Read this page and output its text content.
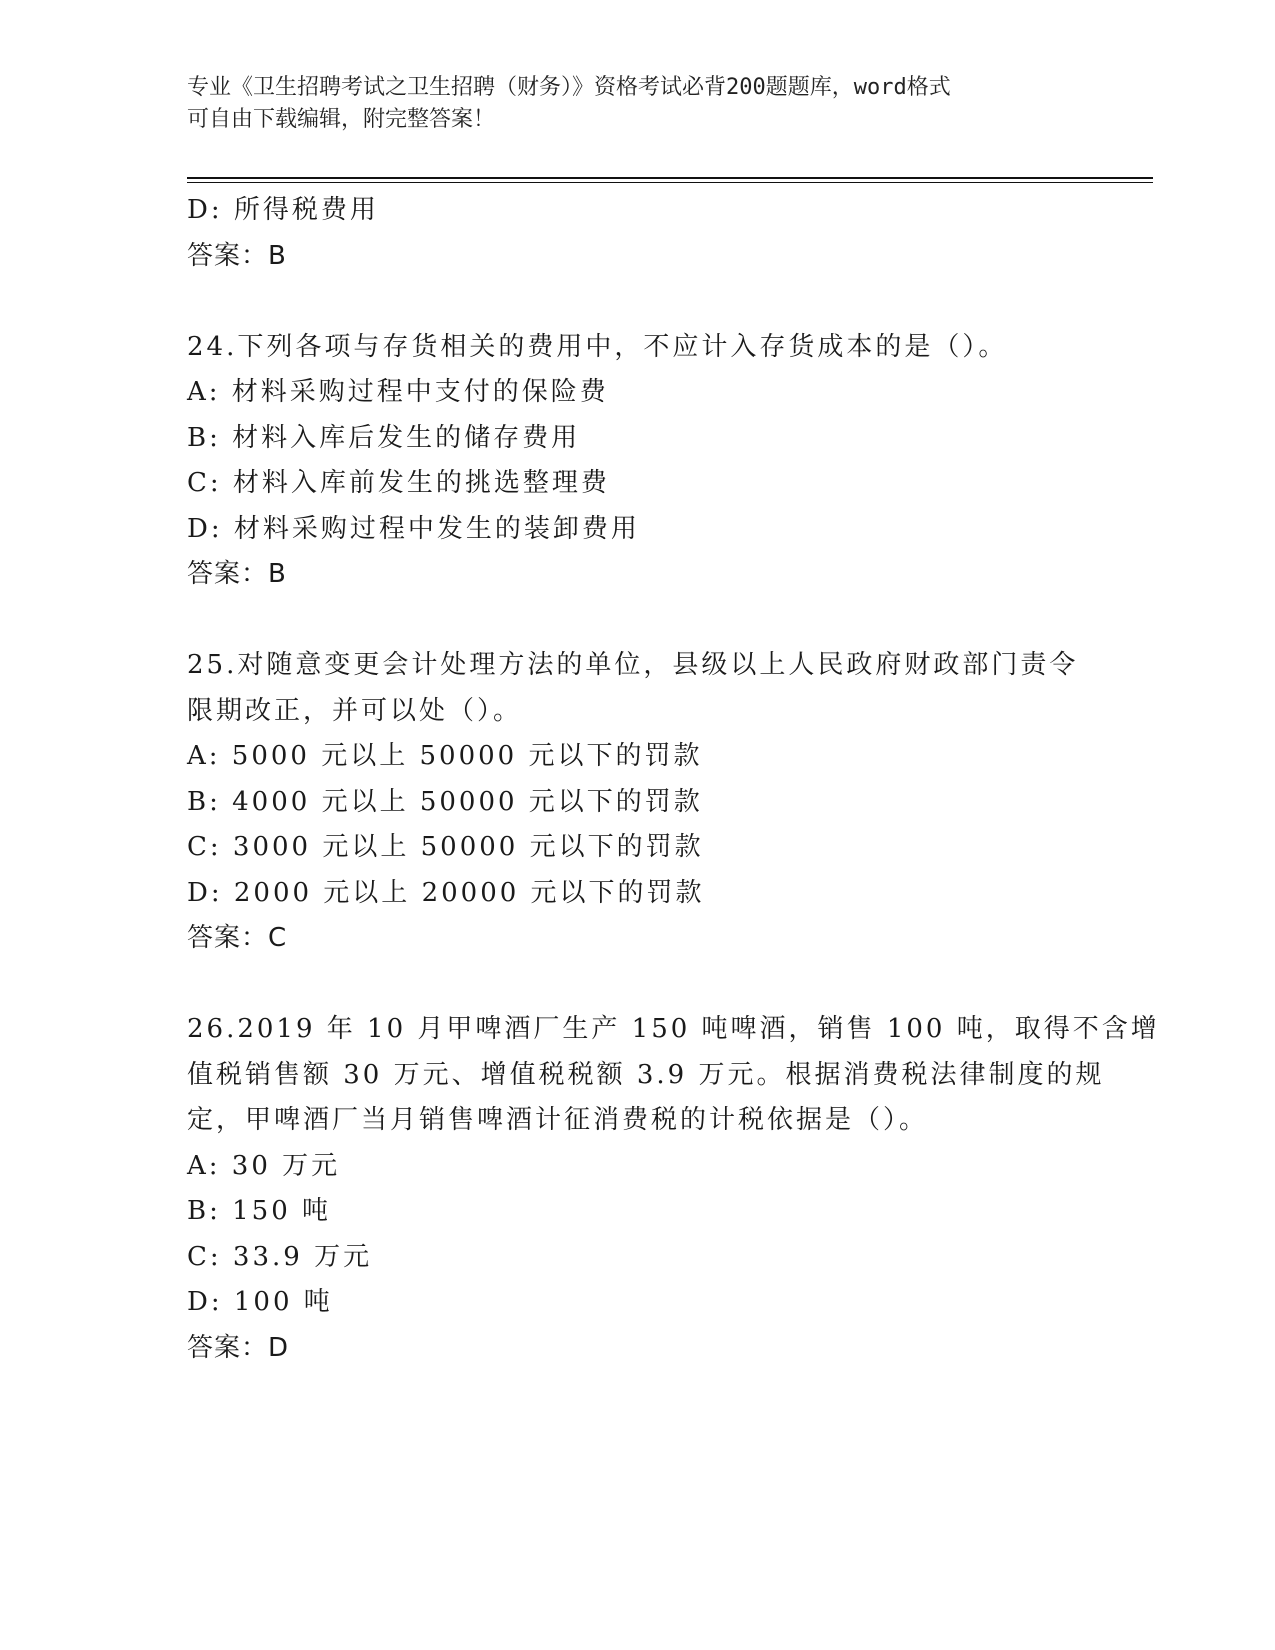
专业《卫生招聘考试之卫生招聘（财务）》资格考试必背200题题库，word格式
可自由下载编辑，附完整答案！
D: 所得税费用
答案：B
24.下列各项与存货相关的费用中，不应计入存货成本的是（）。
A: 材料采购过程中支付的保险费
B: 材料入库后发生的储存费用
C: 材料入库前发生的挑选整理费
D: 材料采购过程中发生的装卸费用
答案：B
25.对随意变更会计处理方法的单位，县级以上人民政府财政部门责令
限期改正，并可以处（）。
A: 5000 元以上 50000 元以下的罚款
B: 4000 元以上 50000 元以下的罚款
C: 3000 元以上 50000 元以下的罚款
D: 2000 元以上 20000 元以下的罚款
答案：C
26.2019 年 10 月甲啤酒厂生产 150 吨啤酒，销售 100 吨，取得不含增
值税销售额 30 万元、增值税税额 3.9 万元。根据消费税法律制度的规
定，甲啤酒厂当月销售啤酒计征消费税的计税依据是（）。
A: 30 万元
B: 150 吨
C: 33.9 万元
D: 100 吨
答案：D
